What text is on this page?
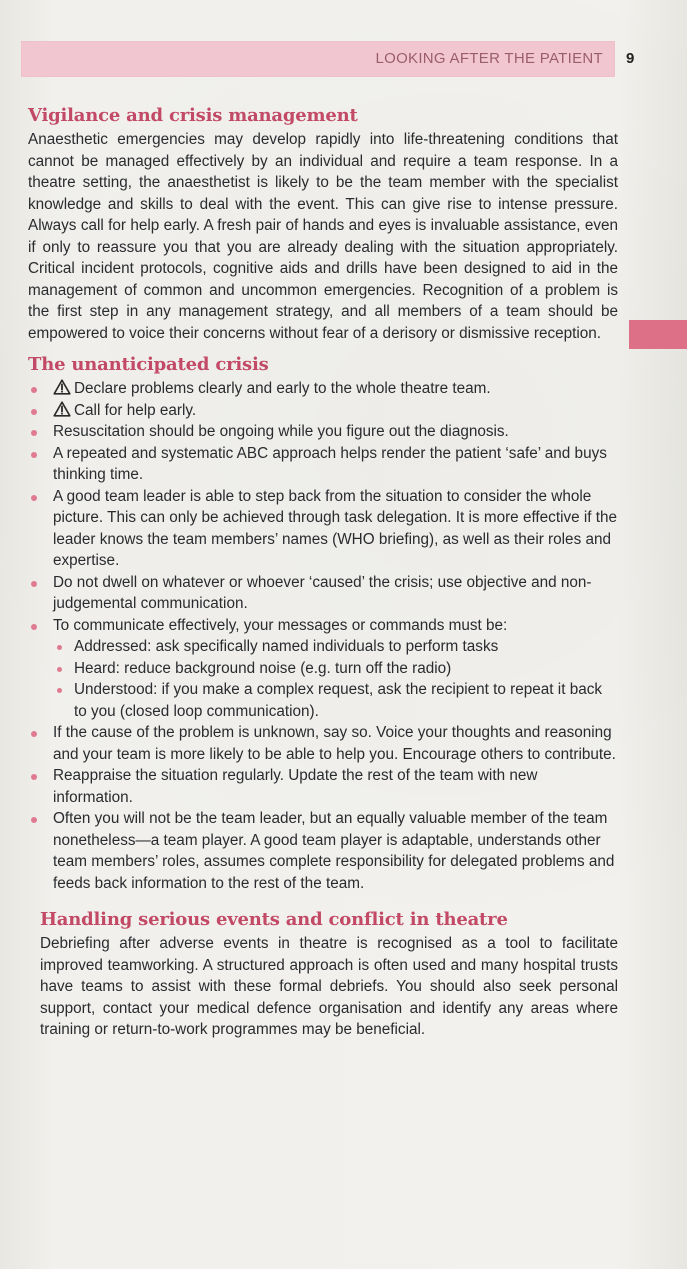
LOOKING AFTER THE PATIENT 9
Vigilance and crisis management

Anaesthetic emergencies may develop rapidly into life-threatening conditions that cannot be managed effectively by an individual and require a team response. In a theatre setting, the anaesthetist is likely to be the team member with the specialist knowledge and skills to deal with the event. This can give rise to intense pressure. Always call for help early. A fresh pair of hands and eyes is invaluable assistance, even if only to reassure you that you are already dealing with the situation appropriately. Critical incident protocols, cognitive aids and drills have been designed to aid in the management of common and uncommon emergencies. Recognition of a problem is the first step in any management strategy, and all members of a team should be empowered to voice their concerns without fear of a derisory or dismissive reception.

The unanticipated crisis
Declare problems clearly and early to the whole theatre team.
Call for help early.
Resuscitation should be ongoing while you figure out the diagnosis.
A repeated and systematic ABC approach helps render the patient ‘safe’ and buys thinking time.
A good team leader is able to step back from the situation to consider the whole picture. This can only be achieved through task delegation. It is more effective if the leader knows the team members’ names (WHO briefing), as well as their roles and expertise.
Do not dwell on whatever or whoever ‘caused’ the crisis; use objective and non-judgemental communication.
To communicate effectively, your messages or commands must be:
Addressed: ask specifically named individuals to perform tasks
Heard: reduce background noise (e.g. turn off the radio)
Understood: if you make a complex request, ask the recipient to repeat it back to you (closed loop communication).
If the cause of the problem is unknown, say so. Voice your thoughts and reasoning and your team is more likely to be able to help you. Encourage others to contribute.
Reappraise the situation regularly. Update the rest of the team with new information.
Often you will not be the team leader, but an equally valuable member of the team nonetheless—a team player. A good team player is adaptable, understands other team members’ roles, assumes complete responsibility for delegated problems and feeds back information to the rest of the team.
Handling serious events and conflict in theatre

Debriefing after adverse events in theatre is recognised as a tool to facilitate improved teamworking. A structured approach is often used and many hospital trusts have teams to assist with these formal debriefs. You should also seek personal support, contact your medical defence organisation and identify any areas where training or return-to-work programmes may be beneficial.
